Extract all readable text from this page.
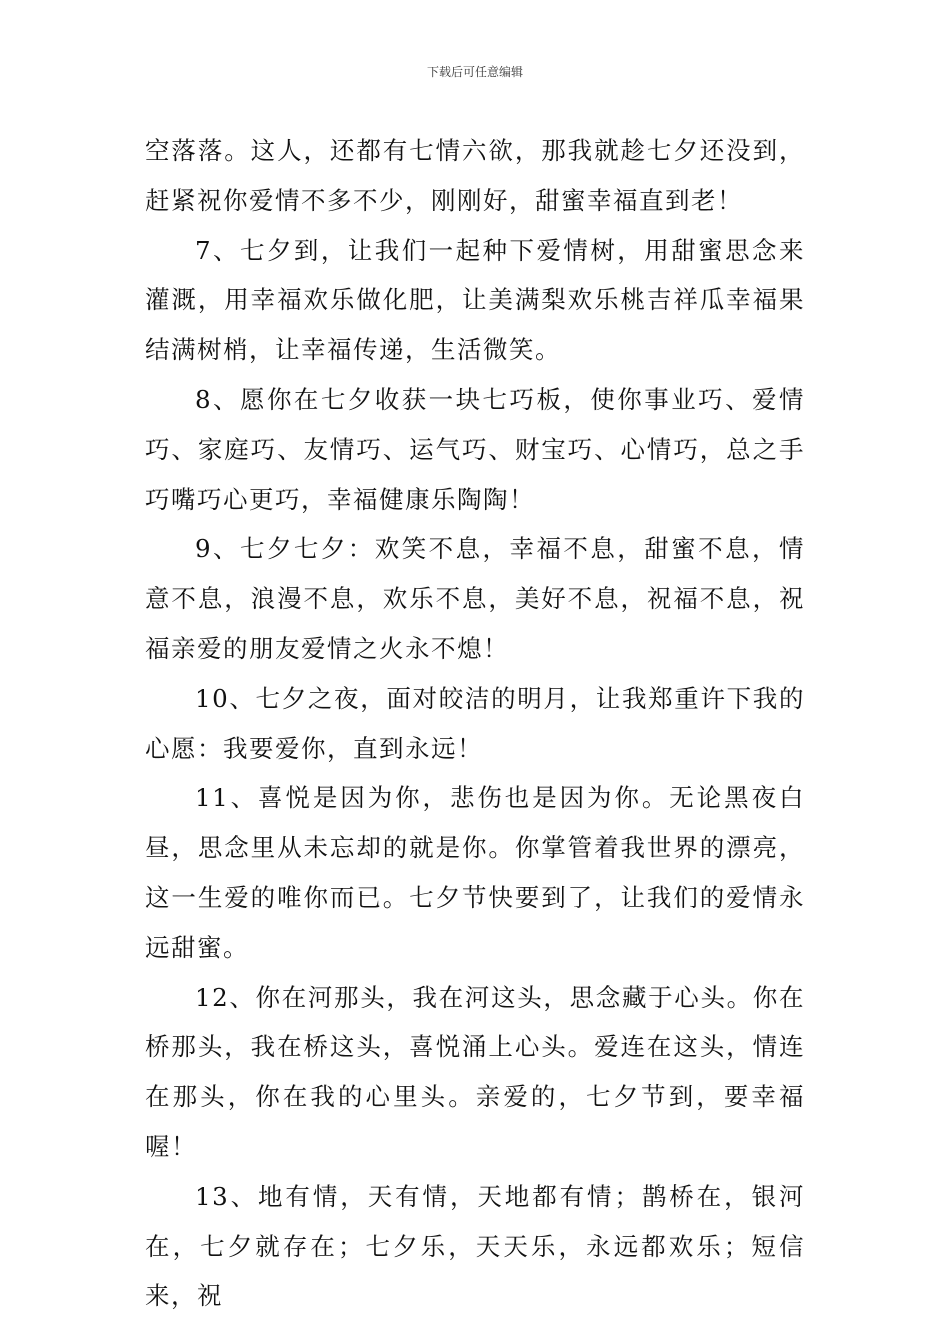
下载后可任意编辑

空落落。这人，还都有七情六欲，那我就趁七夕还没到，赶紧祝你爱情不多不少，刚刚好，甜蜜幸福直到老！

7、七夕到，让我们一起种下爱情树，用甜蜜思念来灌溉，用幸福欢乐做化肥，让美满梨欢乐桃吉祥瓜幸福果结满树梢，让幸福传递，生活微笑。

8、愿你在七夕收获一块七巧板，使你事业巧、爱情巧、家庭巧、友情巧、运气巧、财宝巧、心情巧，总之手巧嘴巧心更巧，幸福健康乐陶陶！

9、七夕七夕：欢笑不息，幸福不息，甜蜜不息，情意不息，浪漫不息，欢乐不息，美好不息，祝福不息，祝福亲爱的朋友爱情之火永不熄！

10、七夕之夜，面对皎洁的明月，让我郑重许下我的心愿：我要爱你，直到永远！

11、喜悦是因为你，悲伤也是因为你。无论黑夜白昼，思念里从未忘却的就是你。你掌管着我世界的漂亮，这一生爱的唯你而已。七夕节快要到了，让我们的爱情永远甜蜜。

12、你在河那头，我在河这头，思念藏于心头。你在桥那头，我在桥这头，喜悦涌上心头。爱连在这头，情连在那头，你在我的心里头。亲爱的，七夕节到，要幸福喔！

13、地有情，天有情，天地都有情；鹊桥在，银河在，七夕就存在；七夕乐，天天乐，永远都欢乐；短信来，祝
